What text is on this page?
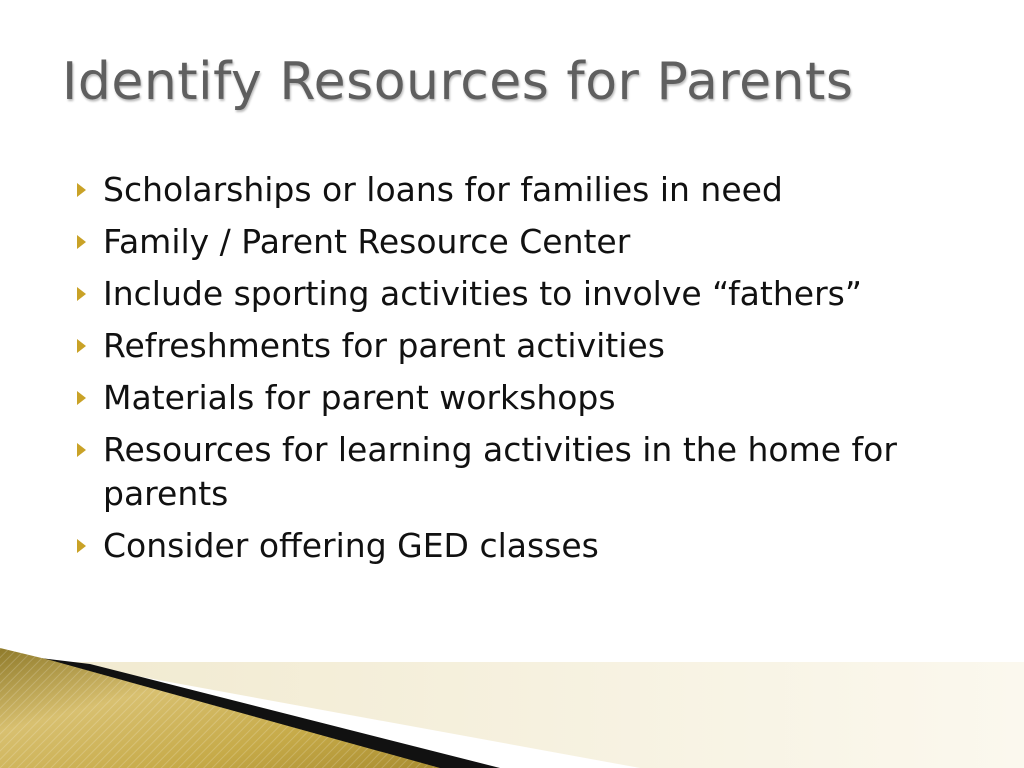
Identify Resources for Parents
Scholarships or loans for families in need
Family / Parent Resource Center
Include sporting activities to involve “fathers”
Refreshments for parent activities
Materials for parent workshops
Resources for learning activities in the home for parents
Consider offering GED classes
